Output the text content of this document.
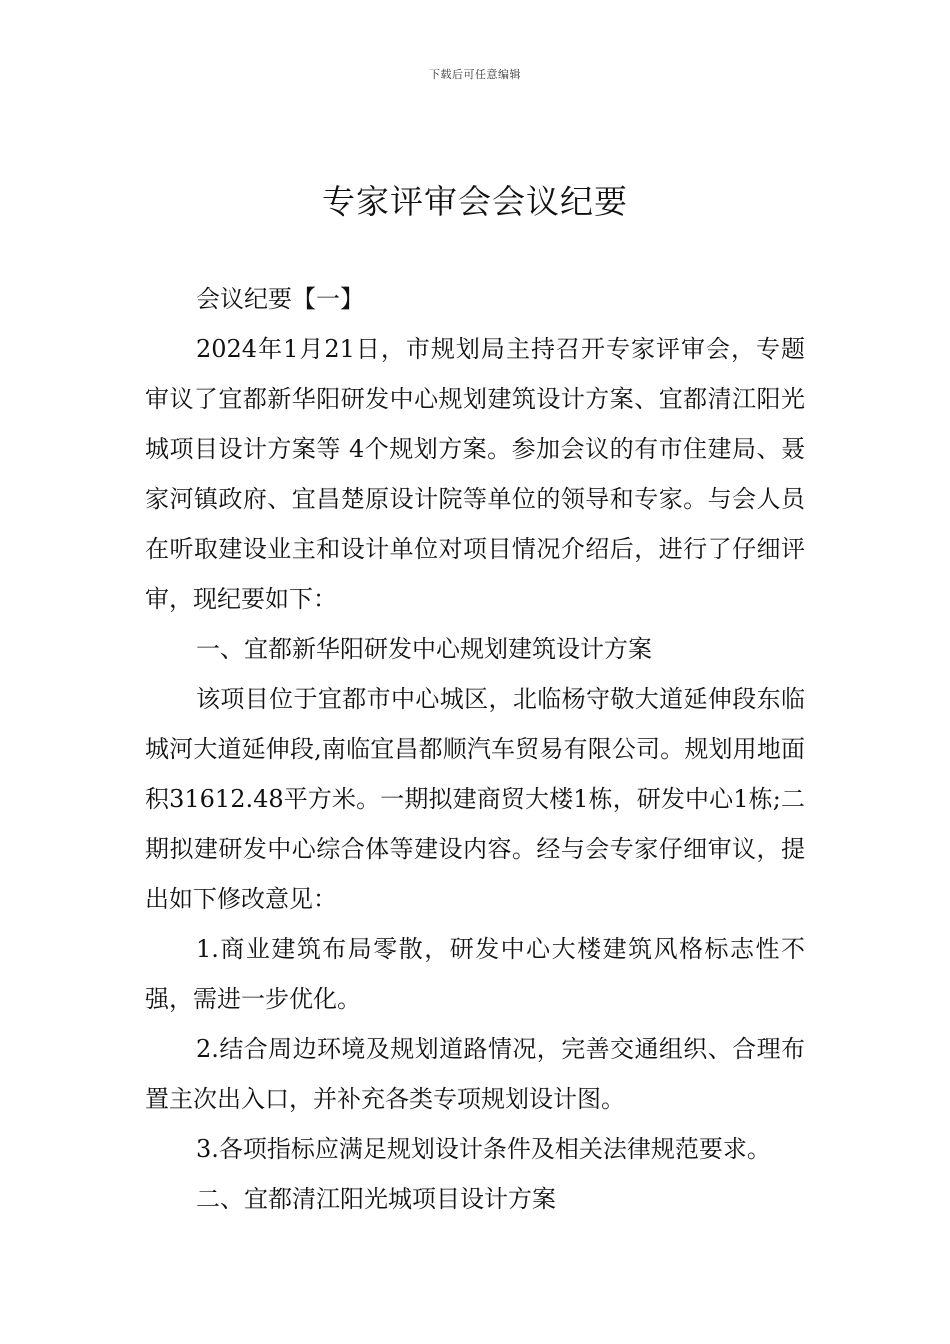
下载后可任意编辑
专家评审会会议纪要

会议纪要【一】

2024年1月21日，市规划局主持召开专家评审会，专题审议了宜都新华阳研发中心规划建筑设计方案、宜都清江阳光城项目设计方案等 4个规划方案。参加会议的有市住建局、聂家河镇政府、宜昌楚原设计院等单位的领导和专家。与会人员在听取建设业主和设计单位对项目情况介绍后，进行了仔细评审，现纪要如下：

一、宜都新华阳研发中心规划建筑设计方案

该项目位于宜都市中心城区，北临杨守敬大道延伸段东临城河大道延伸段,南临宜昌都顺汽车贸易有限公司。规划用地面积31612.48平方米。一期拟建商贸大楼1栋，研发中心1栋;二期拟建研发中心综合体等建设内容。经与会专家仔细审议，提出如下修改意见：

1.商业建筑布局零散，研发中心大楼建筑风格标志性不强，需进一步优化。

2.结合周边环境及规划道路情况，完善交通组织、合理布置主次出入口，并补充各类专项规划设计图。

3.各项指标应满足规划设计条件及相关法律规范要求。

二、宜都清江阳光城项目设计方案
